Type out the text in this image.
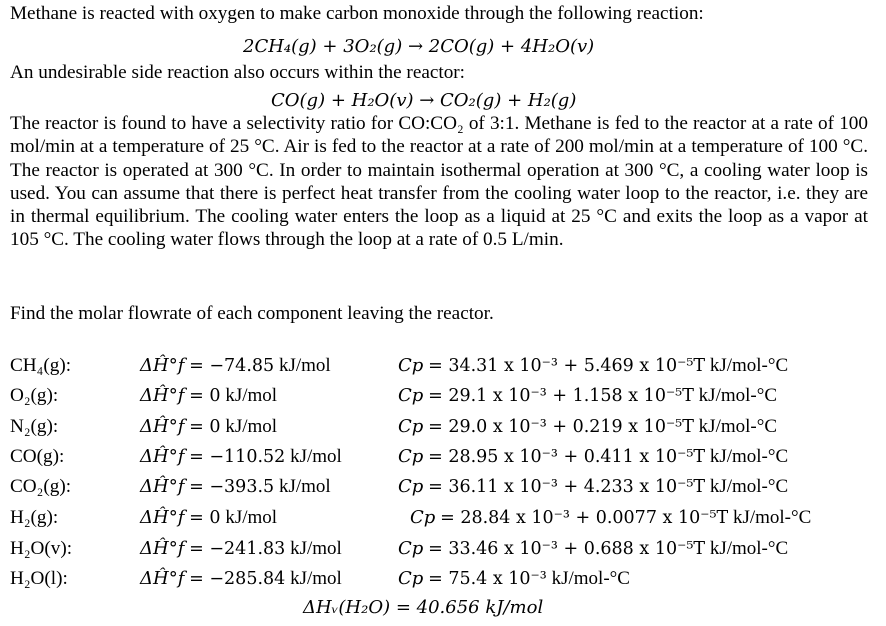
Methane is reacted with oxygen to make carbon monoxide through the following reaction:
2CH₄(g) + 3O₂(g) → 2CO(g) + 4H₂O(v)
An undesirable side reaction also occurs within the reactor:
CO(g) + H₂O(v) → CO₂(g) + H₂(g)
The reactor is found to have a selectivity ratio for CO:CO₂ of 3:1. Methane is fed to the reactor at a rate of 100 mol/min at a temperature of 25 °C. Air is fed to the reactor at a rate of 200 mol/min at a temperature of 100 °C. The reactor is operated at 300 °C. In order to maintain isothermal operation at 300 °C, a cooling water loop is used. You can assume that there is perfect heat transfer from the cooling water loop to the reactor, i.e. they are in thermal equilibrium. The cooling water enters the loop as a liquid at 25 °C and exits the loop as a vapor at 105 °C. The cooling water flows through the loop at a rate of 0.5 L/min.
Find the molar flowrate of each component leaving the reactor.
CH₄(g):	ΔĤ°f = −74.85 kJ/mol	Cp = 34.31 x 10⁻³ + 5.469 x 10⁻⁵T kJ/mol-°C
O₂(g):	ΔĤ°f = 0 kJ/mol	Cp = 29.1 x 10⁻³ + 1.158 x 10⁻⁵T kJ/mol-°C
N₂(g):	ΔĤ°f = 0 kJ/mol	Cp = 29.0 x 10⁻³ + 0.219 x 10⁻⁵T kJ/mol-°C
CO(g):	ΔĤ°f = −110.52 kJ/mol	Cp = 28.95 x 10⁻³ + 0.411 x 10⁻⁵T kJ/mol-°C
CO₂(g):	ΔĤ°f = −393.5 kJ/mol	Cp = 36.11 x 10⁻³ + 4.233 x 10⁻⁵T kJ/mol-°C
H₂(g):	ΔĤ°f = 0 kJ/mol	Cp = 28.84 x 10⁻³ + 0.0077 x 10⁻⁵T kJ/mol-°C
H₂O(v):	ΔĤ°f = −241.83 kJ/mol	Cp = 33.46 x 10⁻³ + 0.688 x 10⁻⁵T kJ/mol-°C
H₂O(l):	ΔĤ°f = −285.84 kJ/mol	Cp = 75.4 x 10⁻³ kJ/mol-°C
ΔHᵥ(H₂O) = 40.656 kJ/mol
